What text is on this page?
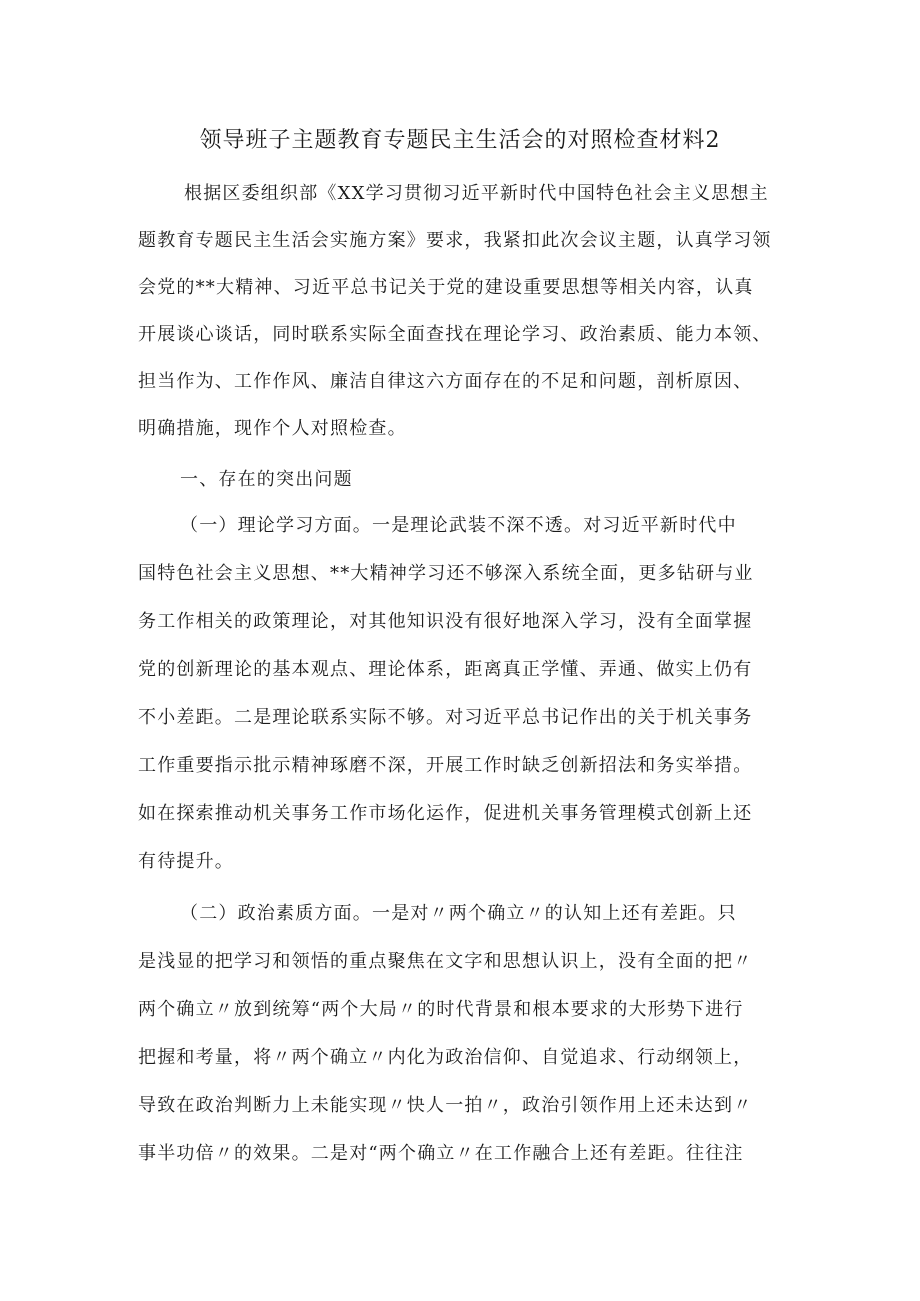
领导班子主题教育专题民主生活会的对照检查材料2
根据区委组织部《XX学习贯彻习近平新时代中国特色社会主义思想主
题教育专题民主生活会实施方案》要求，我紧扣此次会议主题，认真学习领
会党的**大精神、习近平总书记关于党的建设重要思想等相关内容，认真
开展谈心谈话，同时联系实际全面查找在理论学习、政治素质、能力本领、
担当作为、工作作风、廉洁自律这六方面存在的不足和问题，剖析原因、
明确措施，现作个人对照检查。
一、存在的突出问题
（一）理论学习方面。一是理论武装不深不透。对习近平新时代中
国特色社会主义思想、**大精神学习还不够深入系统全面，更多钻研与业
务工作相关的政策理论，对其他知识没有很好地深入学习，没有全面掌握
党的创新理论的基本观点、理论体系，距离真正学懂、弄通、做实上仍有
不小差距。二是理论联系实际不够。对习近平总书记作出的关于机关事务
工作重要指示批示精神琢磨不深，开展工作时缺乏创新招法和务实举措。
如在探索推动机关事务工作市场化运作，促进机关事务管理模式创新上还
有待提升。
（二）政治素质方面。一是对〃两个确立〃的认知上还有差距。只
是浅显的把学习和领悟的重点聚焦在文字和思想认识上，没有全面的把〃
两个确立〃放到统筹“两个大局〃的时代背景和根本要求的大形势下进行
把握和考量，将〃两个确立〃内化为政治信仰、自觉追求、行动纲领上，
导致在政治判断力上未能实现〃快人一拍〃，政治引领作用上还未达到〃
事半功倍〃的效果。二是对“两个确立〃在工作融合上还有差距。往往注
